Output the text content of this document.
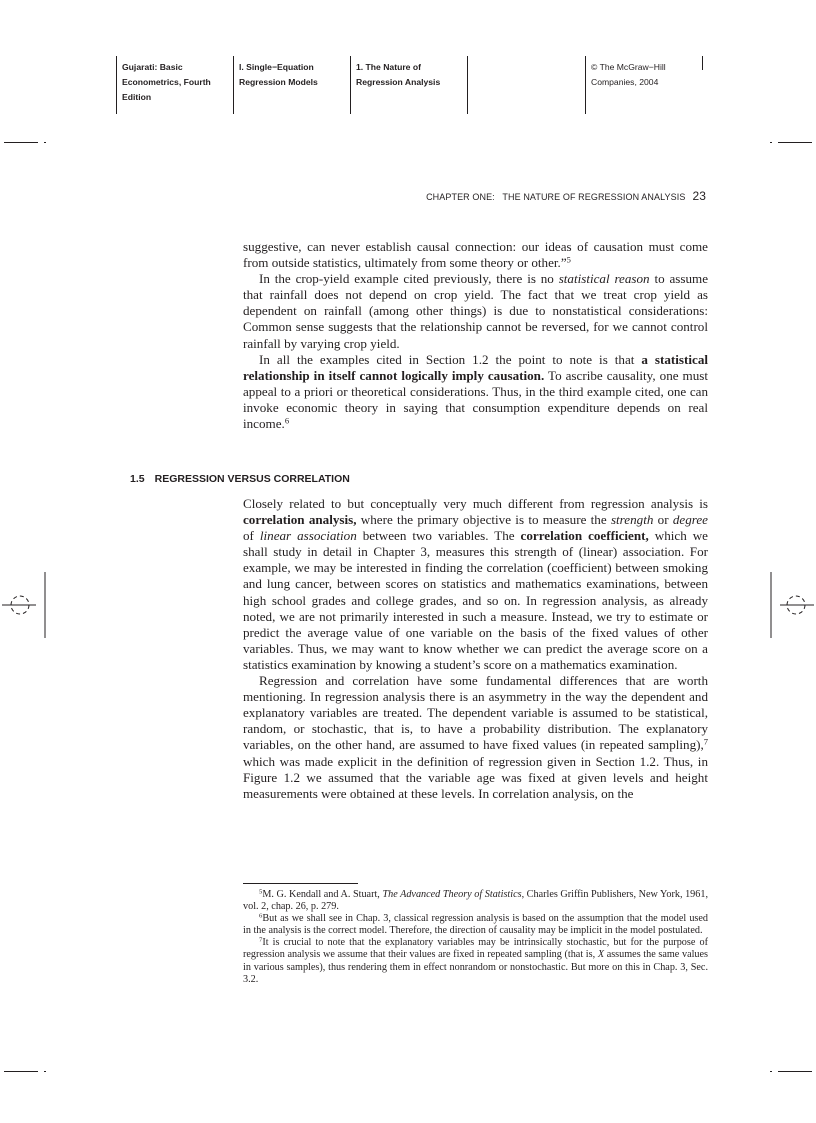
Gujarati: Basic
Econometrics, Fourth
Edition
I. Single−Equation
Regression Models
1. The Nature of
Regression Analysis
© The McGraw−Hill
Companies, 2004
CHAPTER ONE:   THE NATURE OF REGRESSION ANALYSIS 23

suggestive, can never establish causal connection: our ideas of causation must come from outside statistics, ultimately from some theory or other.”$^5$

In the crop-yield example cited previously, there is no statistical reason to assume that rainfall does not depend on crop yield. The fact that we treat crop yield as dependent on rainfall (among other things) is due to nonstatistical considerations: Common sense suggests that the relationship cannot be reversed, for we cannot control rainfall by varying crop yield.

In all the examples cited in Section 1.2 the point to note is that a statistical relationship in itself cannot logically imply causation. To ascribe causality, one must appeal to a priori or theoretical considerations. Thus, in the third example cited, one can invoke economic theory in saying that consumption expenditure depends on real income.$^6$

1.5 REGRESSION VERSUS CORRELATION

Closely related to but conceptually very much different from regression analysis is correlation analysis, where the primary objective is to measure the strength or degree of linear association between two variables. The correlation coefficient, which we shall study in detail in Chapter 3, measures this strength of (linear) association. For example, we may be interested in finding the correlation (coefficient) between smoking and lung cancer, between scores on statistics and mathematics examinations, between high school grades and college grades, and so on. In regression analysis, as already noted, we are not primarily interested in such a measure. Instead, we try to estimate or predict the average value of one variable on the basis of the fixed values of other variables. Thus, we may want to know whether we can predict the average score on a statistics examination by knowing a student’s score on a mathematics examination.

Regression and correlation have some fundamental differences that are worth mentioning. In regression analysis there is an asymmetry in the way the dependent and explanatory variables are treated. The dependent variable is assumed to be statistical, random, or stochastic, that is, to have a probability distribution. The explanatory variables, on the other hand, are assumed to have fixed values (in repeated sampling),$^7$ which was made explicit in the definition of regression given in Section 1.2. Thus, in Figure 1.2 we assumed that the variable age was fixed at given levels and height measurements were obtained at these levels. In correlation analysis, on the

$^5$M. G. Kendall and A. Stuart, The Advanced Theory of Statistics, Charles Griffin Publishers, New York, 1961, vol. 2, chap. 26, p. 279.

$^6$But as we shall see in Chap. 3, classical regression analysis is based on the assumption that the model used in the analysis is the correct model. Therefore, the direction of causality may be implicit in the model postulated.

$^7$It is crucial to note that the explanatory variables may be intrinsically stochastic, but for the purpose of regression analysis we assume that their values are fixed in repeated sampling (that is, X assumes the same values in various samples), thus rendering them in effect nonrandom or nonstochastic. But more on this in Chap. 3, Sec. 3.2.
